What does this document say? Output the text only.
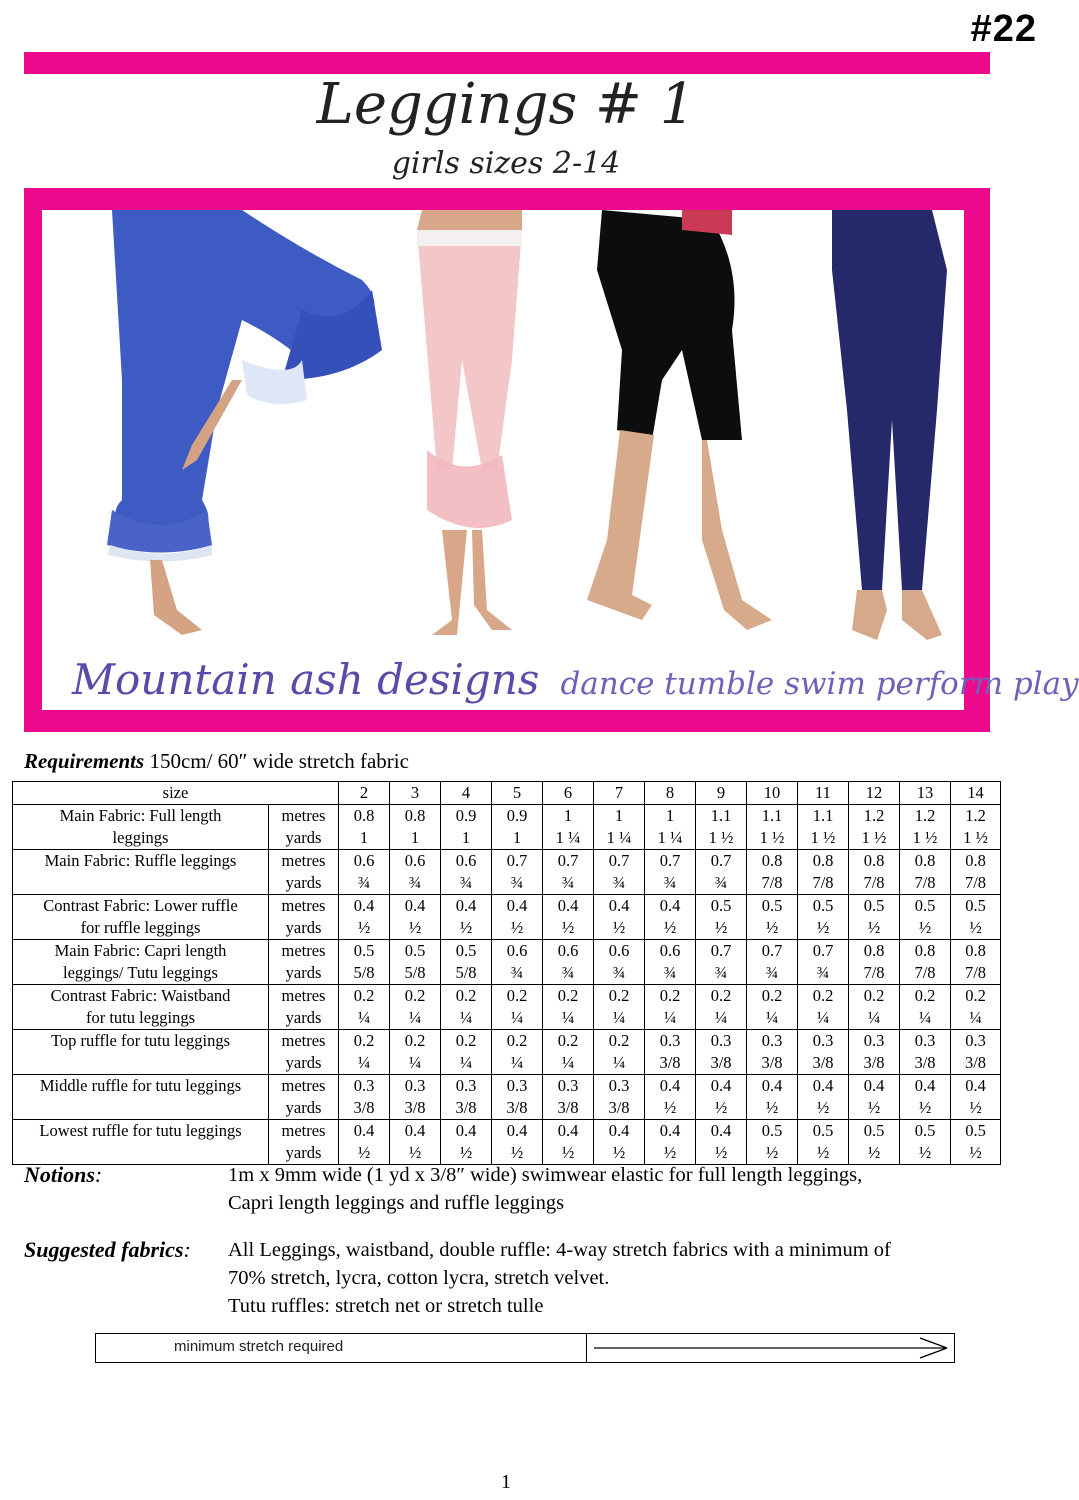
#22
Leggings # 1
girls sizes 2-14
Mountain ash designs dance tumble swim perform play
Requirements 150cm/ 60″ wide stretch fabric
size		2	3	4	5	6	7	8	9	10	11	12	13	14
Main Fabric: Full length	metres	0.8	0.8	0.9	0.9	1	1	1	1.1	1.1	1.1	1.2	1.2	1.2
leggings	yards	1	1	1	1	1 ¼	1 ¼	1 ¼	1 ½	1 ½	1 ½	1 ½	1 ½	1 ½
Main Fabric: Ruffle leggings	metres	0.6	0.6	0.6	0.7	0.7	0.7	0.7	0.7	0.8	0.8	0.8	0.8	0.8
	yards	¾	¾	¾	¾	¾	¾	¾	¾	7/8	7/8	7/8	7/8	7/8
Contrast Fabric: Lower ruffle	metres	0.4	0.4	0.4	0.4	0.4	0.4	0.4	0.5	0.5	0.5	0.5	0.5	0.5
for ruffle leggings	yards	½	½	½	½	½	½	½	½	½	½	½	½	½
Main Fabric: Capri length	metres	0.5	0.5	0.5	0.6	0.6	0.6	0.6	0.7	0.7	0.7	0.8	0.8	0.8
leggings/ Tutu leggings	yards	5/8	5/8	5/8	¾	¾	¾	¾	¾	¾	¾	7/8	7/8	7/8
Contrast Fabric: Waistband	metres	0.2	0.2	0.2	0.2	0.2	0.2	0.2	0.2	0.2	0.2	0.2	0.2	0.2
for tutu leggings	yards	¼	¼	¼	¼	¼	¼	¼	¼	¼	¼	¼	¼	¼
Top ruffle for tutu leggings	metres	0.2	0.2	0.2	0.2	0.2	0.2	0.3	0.3	0.3	0.3	0.3	0.3	0.3
	yards	¼	¼	¼	¼	¼	¼	3/8	3/8	3/8	3/8	3/8	3/8	3/8
Middle ruffle for tutu leggings	metres	0.3	0.3	0.3	0.3	0.3	0.3	0.4	0.4	0.4	0.4	0.4	0.4	0.4
	yards	3/8	3/8	3/8	3/8	3/8	3/8	½	½	½	½	½	½	½
Lowest ruffle for tutu leggings	metres	0.4	0.4	0.4	0.4	0.4	0.4	0.4	0.4	0.5	0.5	0.5	0.5	0.5
	yards	½	½	½	½	½	½	½	½	½	½	½	½	½
Notions:	1m x 9mm wide (1 yd x 3/8″ wide) swimwear elastic for full length leggings,
Capri length leggings and ruffle leggings
Suggested fabrics: All Leggings, waistband, double ruffle: 4-way stretch fabrics with a minimum of
70% stretch, lycra, cotton lycra, stretch velvet.
Tutu ruffles: stretch net or stretch tulle
minimum stretch required
1
